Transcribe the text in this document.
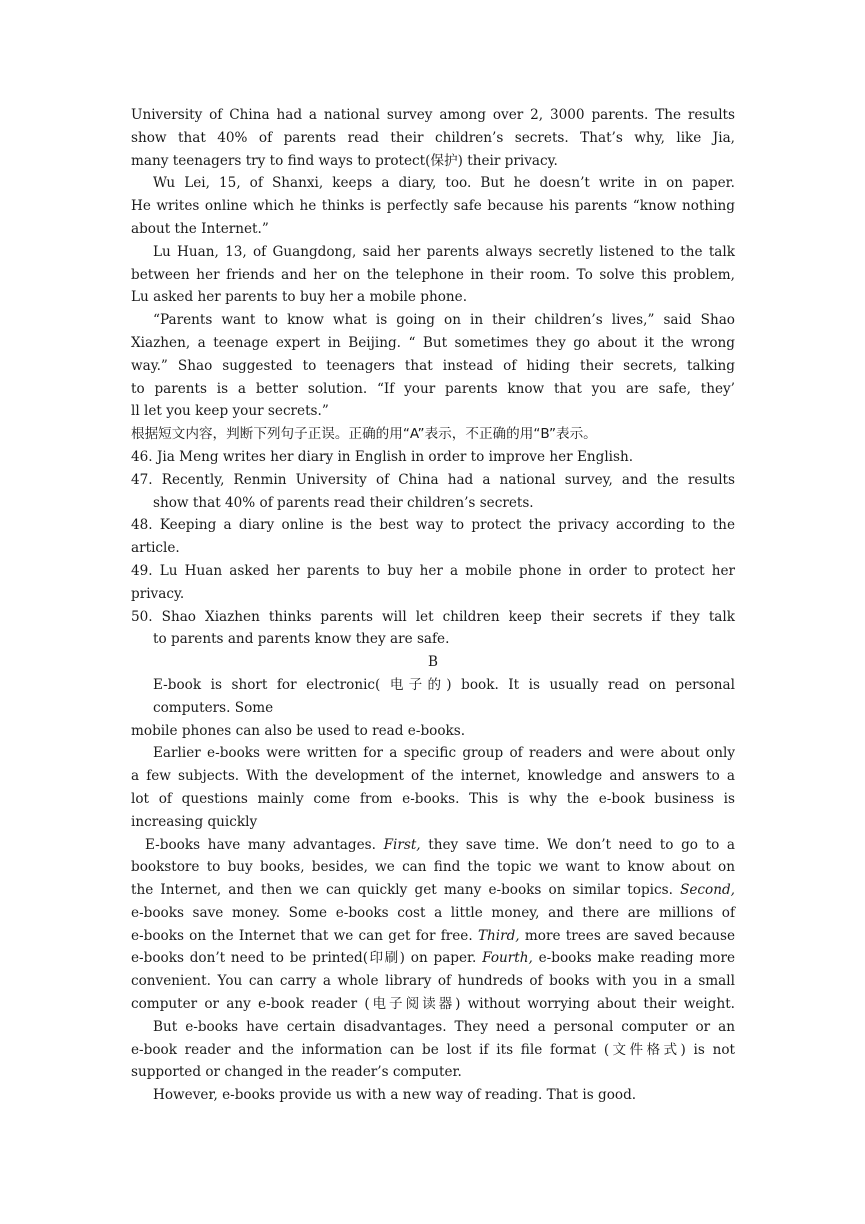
University of China had a national survey among over 2, 3000 parents. The results
show that 40% of parents read their children’s secrets. That’s why, like Jia,
many teenagers try to find ways to protect(保护) their privacy.
Wu Lei, 15, of Shanxi, keeps a diary, too. But he doesn’t write in on paper.
He writes online which he thinks is perfectly safe because his parents “know nothing
about the Internet.”
Lu Huan, 13, of Guangdong, said her parents always secretly listened to the talk
between her friends and her on the telephone in their room. To solve this problem,
Lu asked her parents to buy her a mobile phone.
“Parents want to know what is going on in their children’s lives,” said Shao
Xiazhen, a teenage expert in Beijing. “ But sometimes they go about it the wrong
way.” Shao suggested to teenagers that instead of hiding their secrets, talking
to parents is a better solution. “If your parents know that you are safe, they’
ll let you keep your secrets.”
根据短文内容，判断下列句子正误。正确的用“A”表示，不正确的用“B”表示。
46. Jia Meng writes her diary in English in order to improve her English.
47. Recently, Renmin University of China had a national survey, and the results
show that 40% of parents read their children’s secrets.
48. Keeping a diary online is the best way to protect the privacy according to the
article.
49. Lu Huan asked her parents to buy her a mobile phone in order to protect her
privacy.
50. Shao Xiazhen thinks parents will let children keep their secrets if they talk
to parents and parents know they are safe.
B
E-book is short for electronic( 电子的) book. It is usually read on personal
computers. Some
mobile phones can also be used to read e-books.
Earlier e-books were written for a specific group of readers and were about only
a few subjects. With the development of the internet, knowledge and answers to a
lot of questions mainly come from e-books. This is why the e-book business is
increasing quickly
E-books have many advantages. First, they save time. We don’t need to go to a
bookstore to buy books, besides, we can find the topic we want to know about on
the Internet, and then we can quickly get many e-books on similar topics. Second,
e-books save money. Some e-books cost a little money, and there are millions of
e-books on the Internet that we can get for free. Third, more trees are saved because
e-books don’t need to be printed(印刷) on paper. Fourth, e-books make reading more
convenient. You can carry a whole library of hundreds of books with you in a small
computer or any e-book reader (电子阅读器) without worrying about their weight.
But e-books have certain disadvantages. They need a personal computer or an
e-book reader and the information can be lost if its file format (文件格式) is not
supported or changed in the reader’s computer.
However, e-books provide us with a new way of reading. That is good.
